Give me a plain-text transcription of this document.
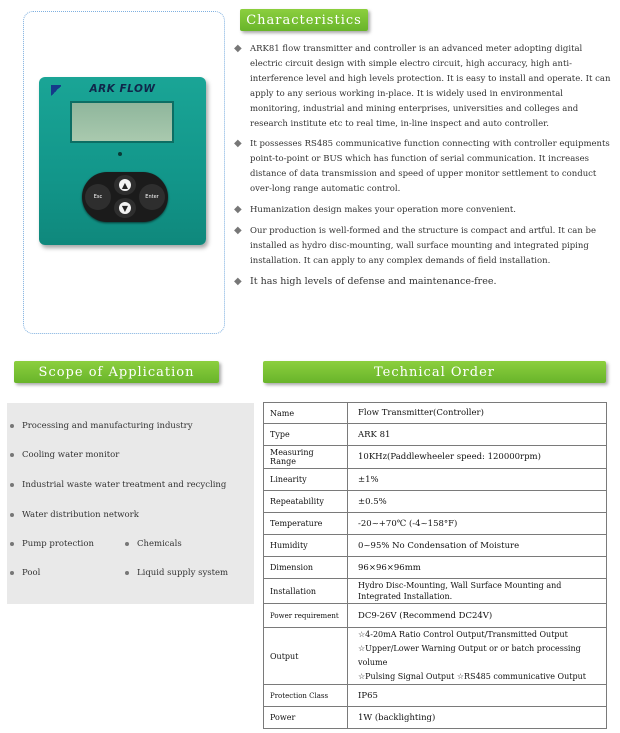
ARK FLOW
Esc
▲
▼
Enter
Characteristics
Scope of Application	Technical Order
◆ ARK81 flow transmitter and controller is an advanced meter adopting digital electric circuit design with simple electro circuit, high accuracy, high anti-interference level and high levels protection. It is easy to install and operate. It can apply to any serious working in-place. It is widely used in environmental monitoring, industrial and mining enterprises, universities and colleges and research institute etc to real time, in-line inspect and auto controller.
◆ It possesses RS485 communicative function connecting with controller equipments point-to-point or BUS which has function of serial communication. It increases distance of data transmission and speed of upper monitor settlement to conduct over-long range automatic control.
◆ Humanization design makes your operation more convenient.
◆ Our production is well-formed and the structure is compact and artful. It can be installed as hydro disc-mounting, wall surface mounting and integrated piping installation. It can apply to any complex demands of field installation.
◆ It has high levels of defense and maintenance-free.
Processing and manufacturing industry
Cooling water monitor
Industrial waste water treatment and recycling
Water distribution network
Pump protection	Chemicals
Pool	Liquid supply system
Name	Flow Transmitter(Controller)
Type	ARK 81
Measuring Range	10KHz(Paddlewheeler speed: 120000rpm)
Linearity	±1%
Repeatability	±0.5%
Temperature	-20~+70℃ (-4~158°F)
Humidity	0~95% No Condensation of Moisture
Dimension	96×96×96mm
Installation	Hydro Disc-Mounting, Wall Surface Mounting and Integrated Installation.
Power requirement	DC9-26V (Recommend DC24V)
Output	☆4-20mA Ratio Control Output/Transmitted Output
☆Upper/Lower Warning Output or or batch processing volume
☆Pulsing Signal Output ☆RS485 communicative Output

Protection Class	IP65
Power	1W (backlighting)
